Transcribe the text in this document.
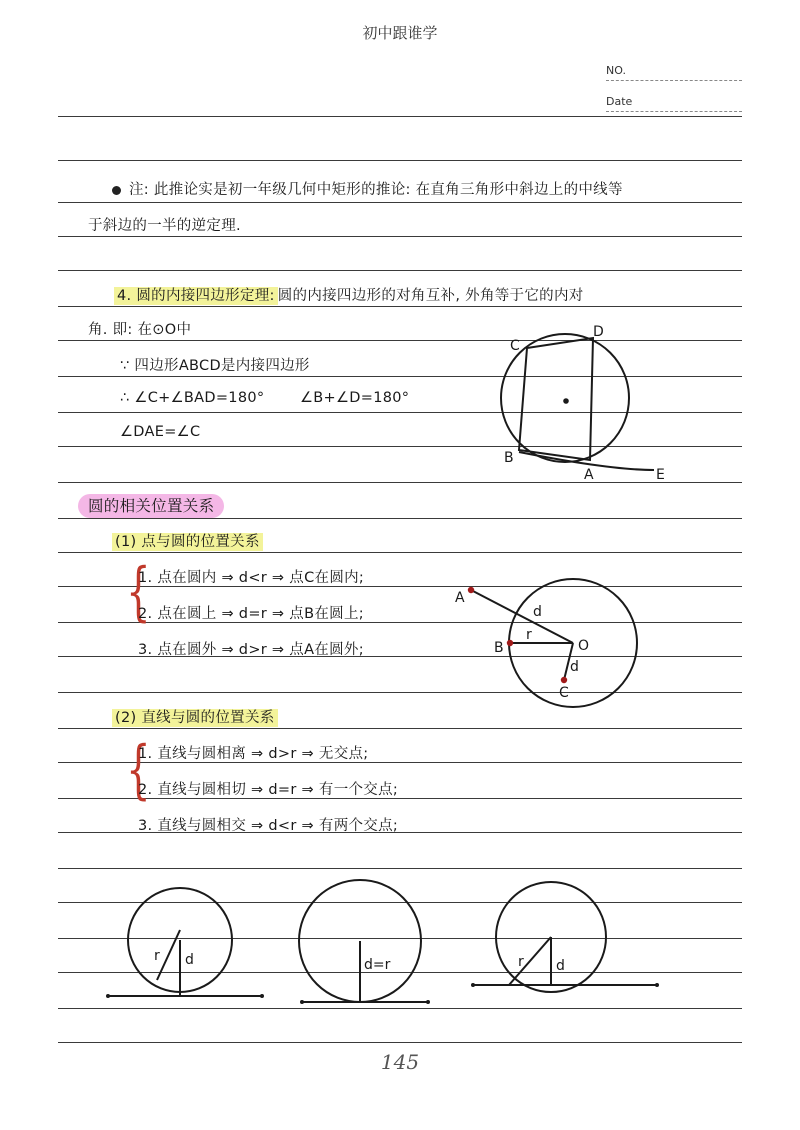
初中跟谁学
NO.
Date
注: 此推论实是初一年级几何中矩形的推论: 在直角三角形中斜边上的中线等
于斜边的一半的逆定理.
4. 圆的内接四边形定理: 圆的内接四边形的对角互补, 外角等于它的内对
角. 即: 在⊙O中
∵ 四边形ABCD是内接四边形
∴ ∠C+∠BAD=180° ∠B+∠D=180°
∠DAE=∠C
圆的相关位置关系
(1) 点与圆的位置关系
{
1. 点在圆内 ⇒ d<r ⇒ 点C在圆内;
2. 点在圆上 ⇒ d=r ⇒ 点B在圆上;
3. 点在圆外 ⇒ d>r ⇒ 点A在圆外;
(2) 直线与圆的位置关系
{
1. 直线与圆相离 ⇒ d>r ⇒ 无交点;
2. 直线与圆相切 ⇒ d=r ⇒ 有一个交点;
3. 直线与圆相交 ⇒ d<r ⇒ 有两个交点;
C
D
B
A	E
A
B	O
C
r
d
d
r d	d=r	r d
145
